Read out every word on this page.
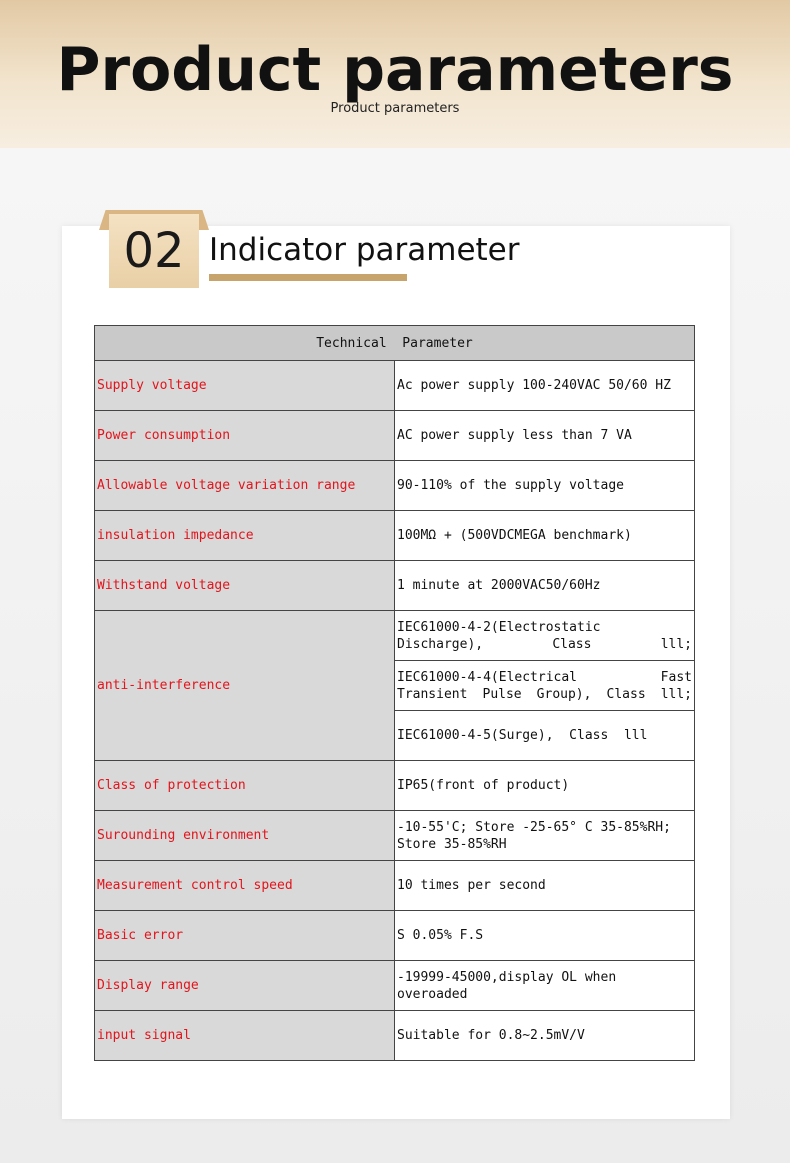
Product parameters
Product parameters
02 Indicator parameter
Technical  Parameter	
Supply voltage	Ac power supply 100-240VAC 50/60 HZ
Power consumption	AC power supply less than 7 VA
Allowable voltage variation range	90-110% of the supply voltage
insulation impedance	100MΩ + (500VDCMEGA benchmark)
Withstand voltage	1 minute at 2000VAC50/60Hz
anti-interference	IEC61000-4-2(Electrostatic Discharge), Class lll;
	IEC61000-4-4(Electrical Fast Transient Pulse Group), Class lll;
	IEC61000-4-5(Surge),  Class  lll
Class of protection	IP65(front of product)
Surounding environment	-10-55'C; Store -25-65° C 35-85%RH; Store 35-85%RH
Measurement control speed	10 times per second
Basic error	S 0.05% F.S
Display range	-19999-45000,display OL when overoaded
input signal	Suitable for 0.8~2.5mV/V
